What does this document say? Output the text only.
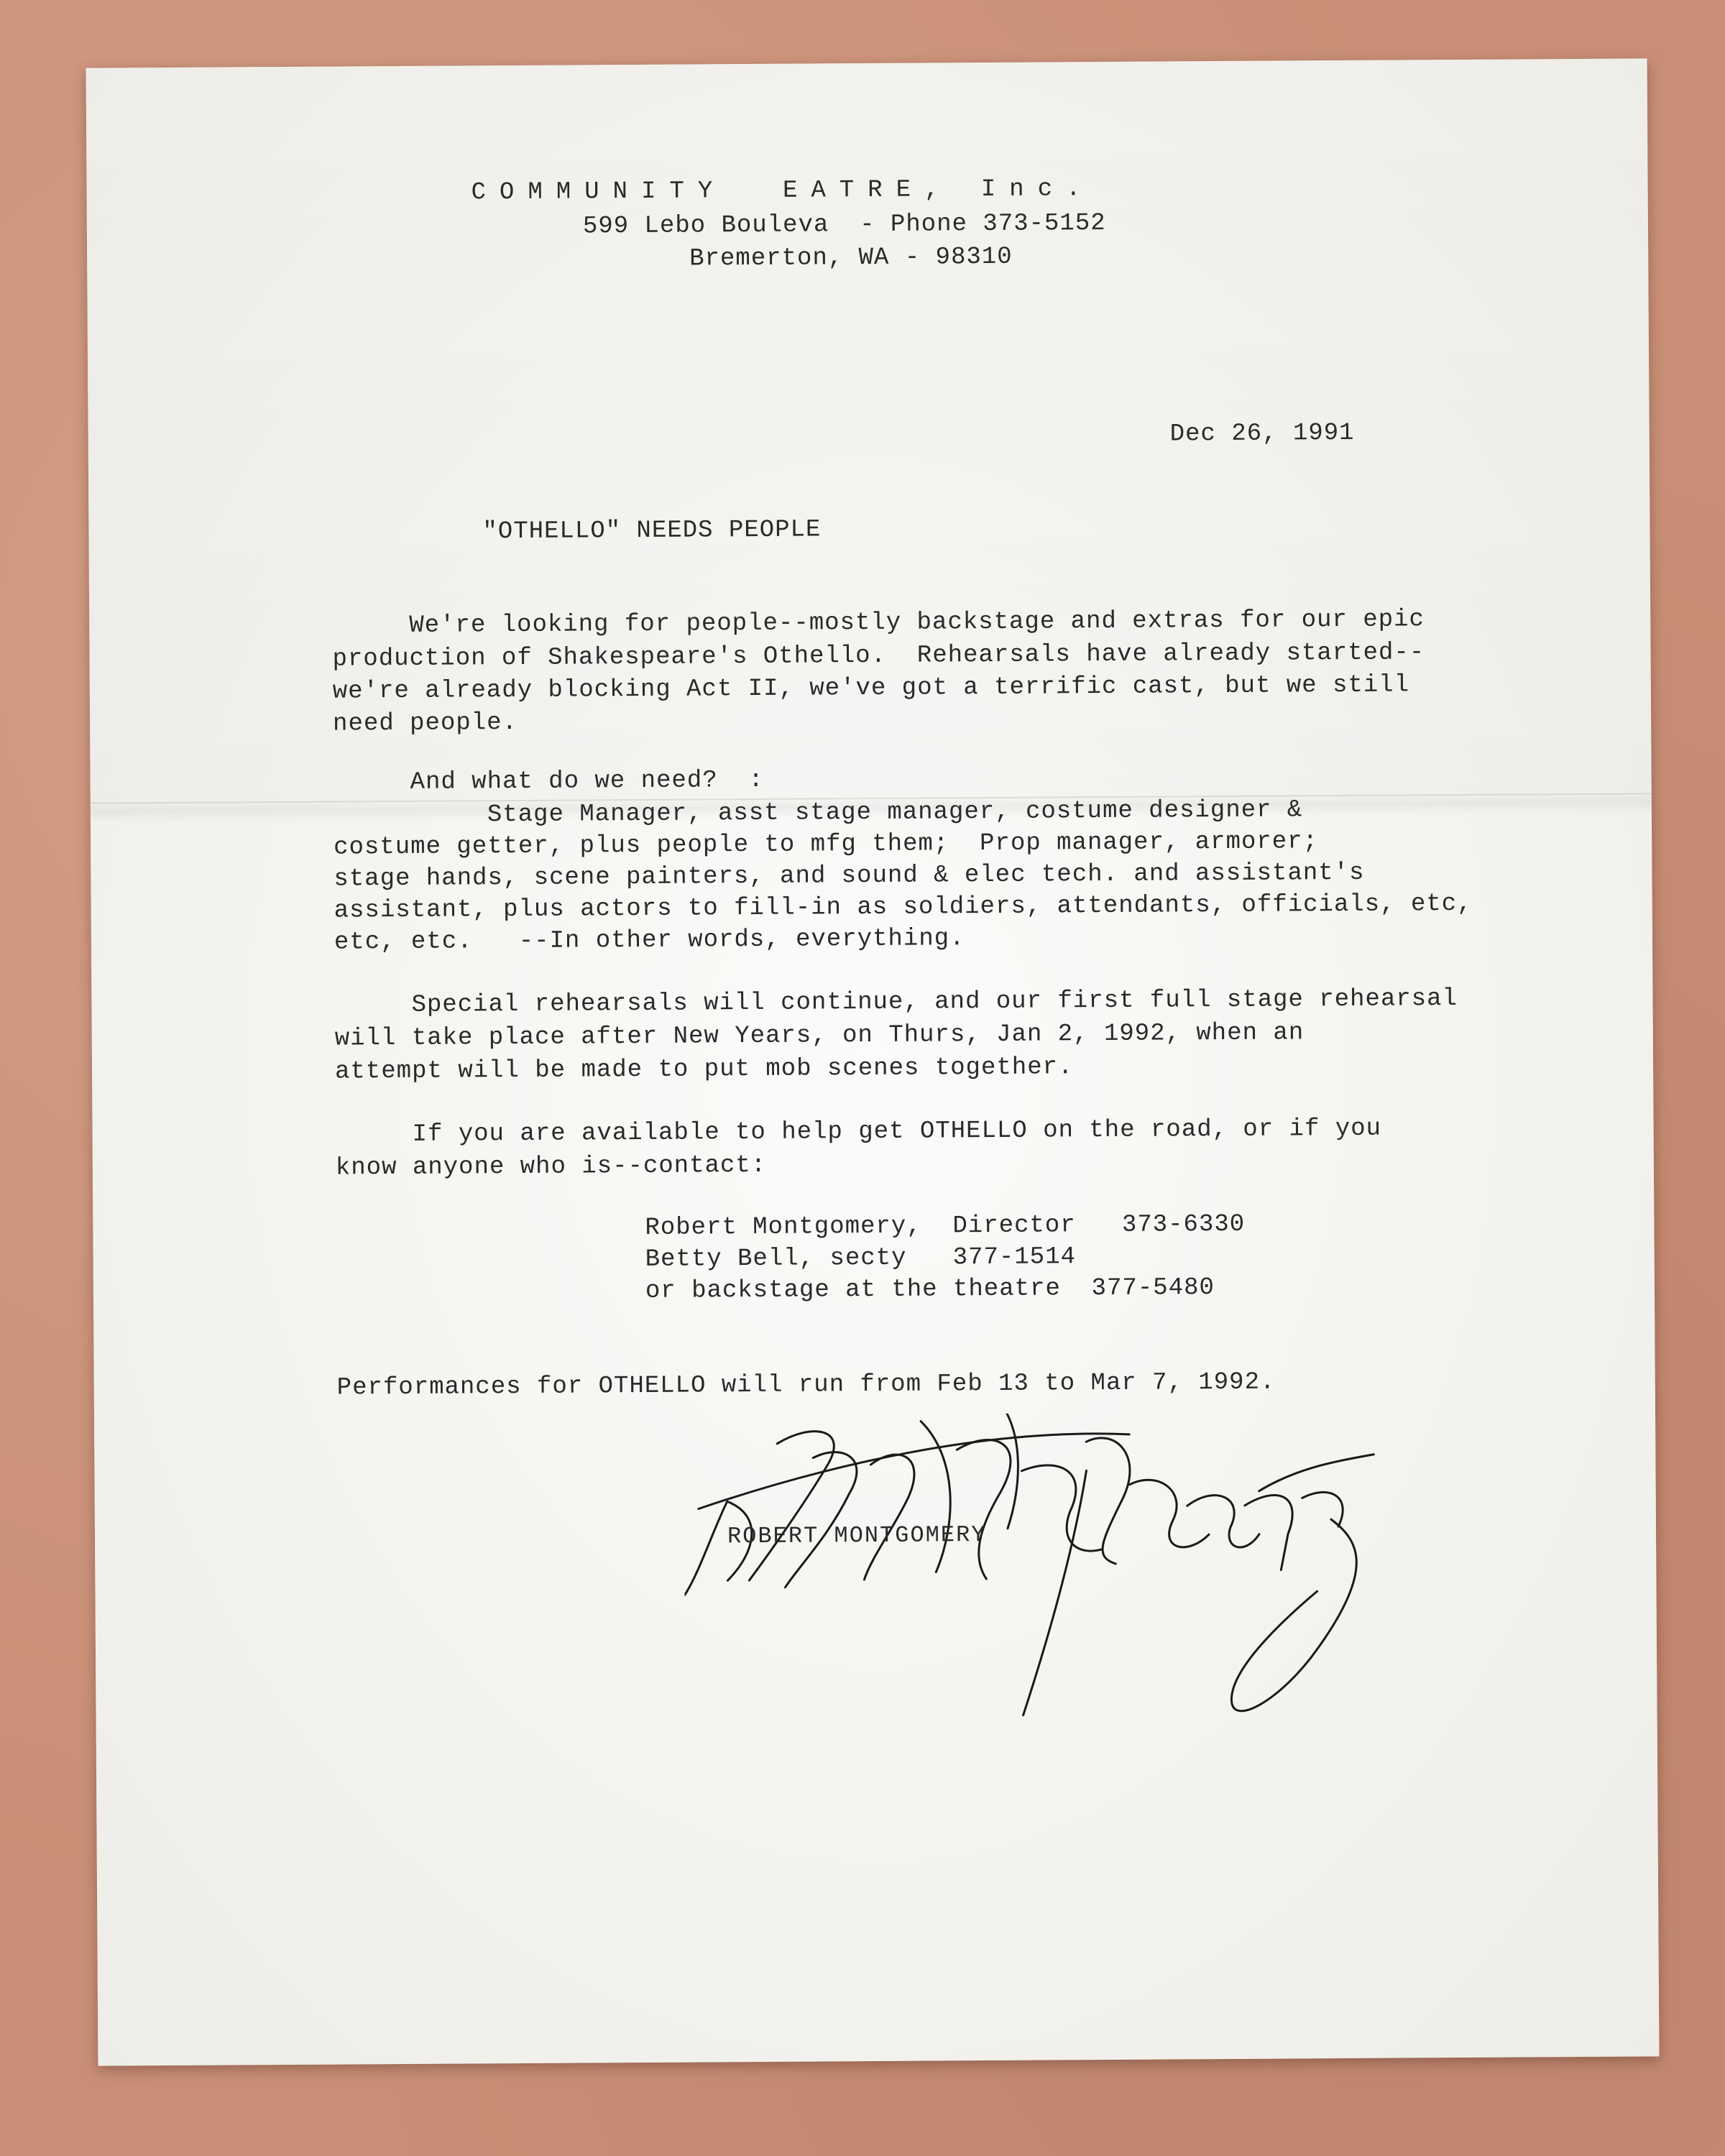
COMMUNITY  EATRE, Inc.
599 Lebo Bouleva  - Phone 373-5152
Bremerton, WA - 98310
Dec 26, 1991
"OTHELLO" NEEDS PEOPLE
We're looking for people--mostly backstage and extras for our epic
production of Shakespeare's Othello.  Rehearsals have already started--
we're already blocking Act II, we've got a terrific cast, but we still
need people.
And what do we need?  :
Stage Manager, asst stage manager, costume designer &
costume getter, plus people to mfg them;  Prop manager, armorer;
stage hands, scene painters, and sound & elec tech. and assistant's
assistant, plus actors to fill-in as soldiers, attendants, officials, etc,
etc, etc.   --In other words, everything.
Special rehearsals will continue, and our first full stage rehearsal
will take place after New Years, on Thurs, Jan 2, 1992, when an
attempt will be made to put mob scenes together.
If you are available to help get OTHELLO on the road, or if you
know anyone who is--contact:
Robert Montgomery,  Director   373-6330
Betty Bell, secty   377-1514
or backstage at the theatre  377-5480
Performances for OTHELLO will run from Feb 13 to Mar 7, 1992.
ROBERT MONTGOMERY
